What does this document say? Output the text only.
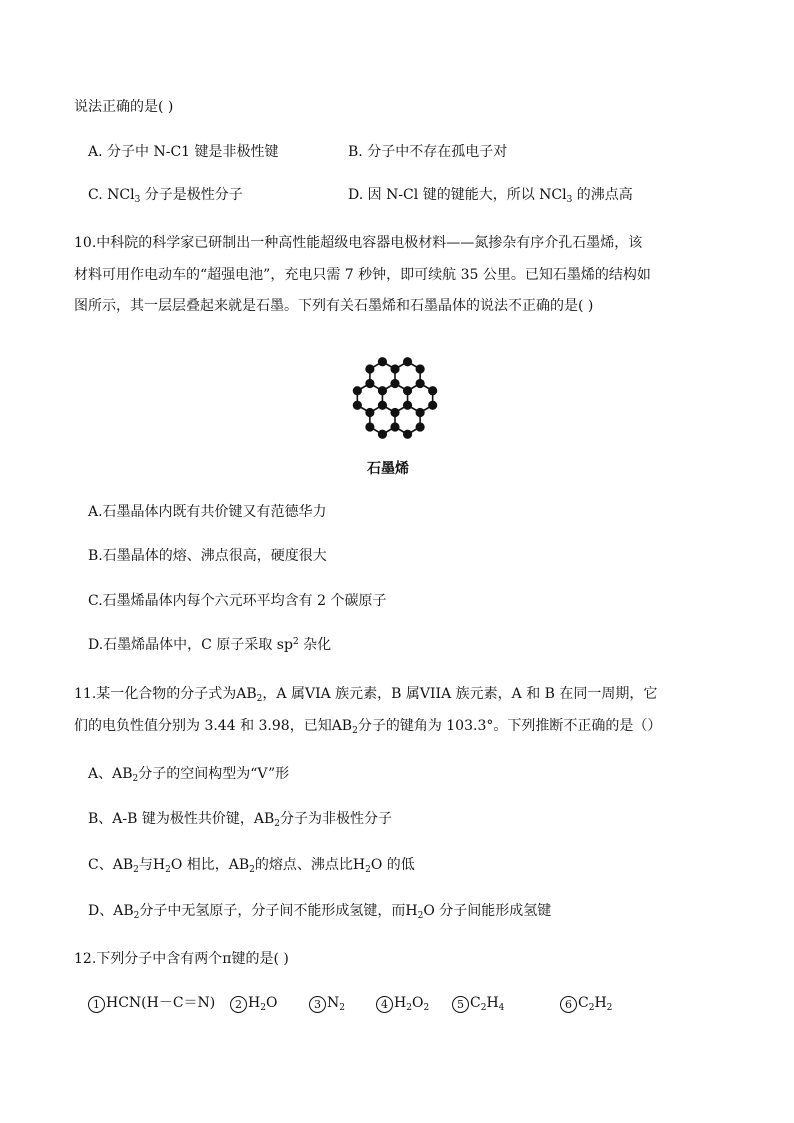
说法正确的是( )
A. 分子中 N-C1 键是非极性键	B. 分子中不存在孤电子对
C. NCl$_3$ 分子是极性分子	D. 因 N-Cl 键的键能大，所以 NCl$_3$ 的沸点高
10.中科院的科学家已研制出一种高性能超级电容器电极材料——氮掺杂有序介孔石墨烯，该
材料可用作电动车的“超强电池”，充电只需 7 秒钟，即可续航 35 公里。已知石墨烯的结构如
图所示，其一层层叠起来就是石墨。下列有关石墨烯和石墨晶体的说法不正确的是( )
石墨烯
A.石墨晶体内既有共价键又有范德华力
B.石墨晶体的熔、沸点很高，硬度很大
C.石墨烯晶体内每个六元环平均含有 2 个碳原子
D.石墨烯晶体中，C 原子采取 $sp^2$ 杂化
11.某一化合物的分子式为$AB_2$，A 属VIA 族元素，B 属VIIA 族元素，A 和 B 在同一周期，它
们的电负性值分别为 3.44 和 3.98，已知$AB_2$分子的键角为 103.3°。下列推断不正确的是（）
A、$AB_2$分子的空间构型为“V”形
B、A-B 键为极性共价键，$AB_2$分子为非极性分子
C、$AB_2$与$H_2O$ 相比，$AB_2$的熔点、沸点比$H_2O$ 的低
D、$AB_2$分子中无氢原子，分子间不能形成氢键，而$H_2O$ 分子间能形成氢键
12.下列分子中含有两个π键的是( )
1 HCN(H－C＝N)	2 $H_2O$	3 $N_2$	4 $H_2O_2$	5 $C_2H_4$	6 $C_2H_2$
